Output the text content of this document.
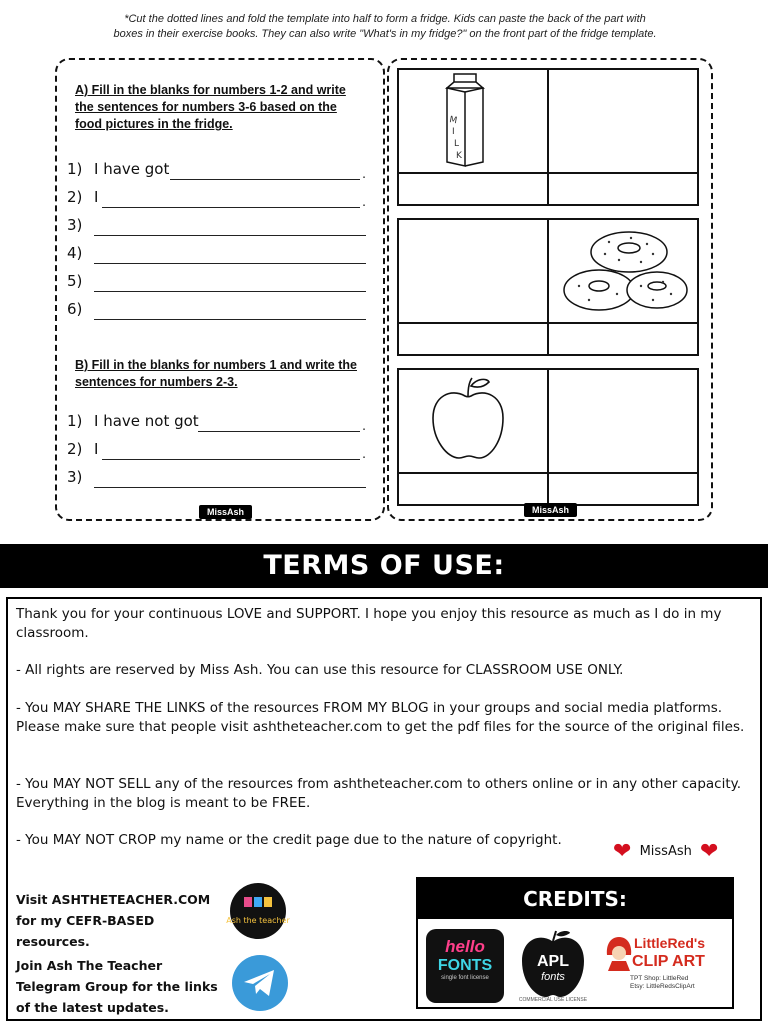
*Cut the dotted lines and fold the template into half to form a fridge. Kids can paste the back of the part with
boxes in their exercise books. They can also write "What's in my fridge?" on the front part of the fridge template.
A) Fill in the blanks for numbers 1-2 and write the sentences for numbers 3-6 based on the food pictures in the fridge.
1) I have got	.
2) I	.
3)
4)
5)
6)
B) Fill in the blanks for numbers 1 and write the sentences for numbers 2-3.
1) I have not got	.
2) I	.
3)
MissAsh
M
I
L
K
MissAsh
TERMS OF USE:
Thank you for your continuous LOVE and SUPPORT. I hope you enjoy this resource as much as I do in my classroom.
- All rights are reserved by Miss Ash. You can use this resource for CLASSROOM USE ONLY.
- You MAY SHARE THE LINKS of the resources FROM MY BLOG in your groups and social media platforms. Please make sure that people visit ashtheteacher.com to get the pdf files for the source of the original files.
- You MAY NOT SELL any of the resources from ashtheteacher.com to others online or in any other capacity. Everything in the blog is meant to be FREE.
- You MAY NOT CROP my name or the credit page due to the nature of copyright.	❤ MissAsh ❤
Visit ASHTHETEACHER.COM for my CEFR-BASED resources.
Ash the teacher
Join Ash The Teacher Telegram Group for the links of the latest updates.
CREDITS:
hello
FONTS
single font license
APL
fonts
COMMERCIAL USE LICENSE
LittleRed's
CLIP ART
TPT Shop: LittleRed
Etsy: LittleRedsClipArt
